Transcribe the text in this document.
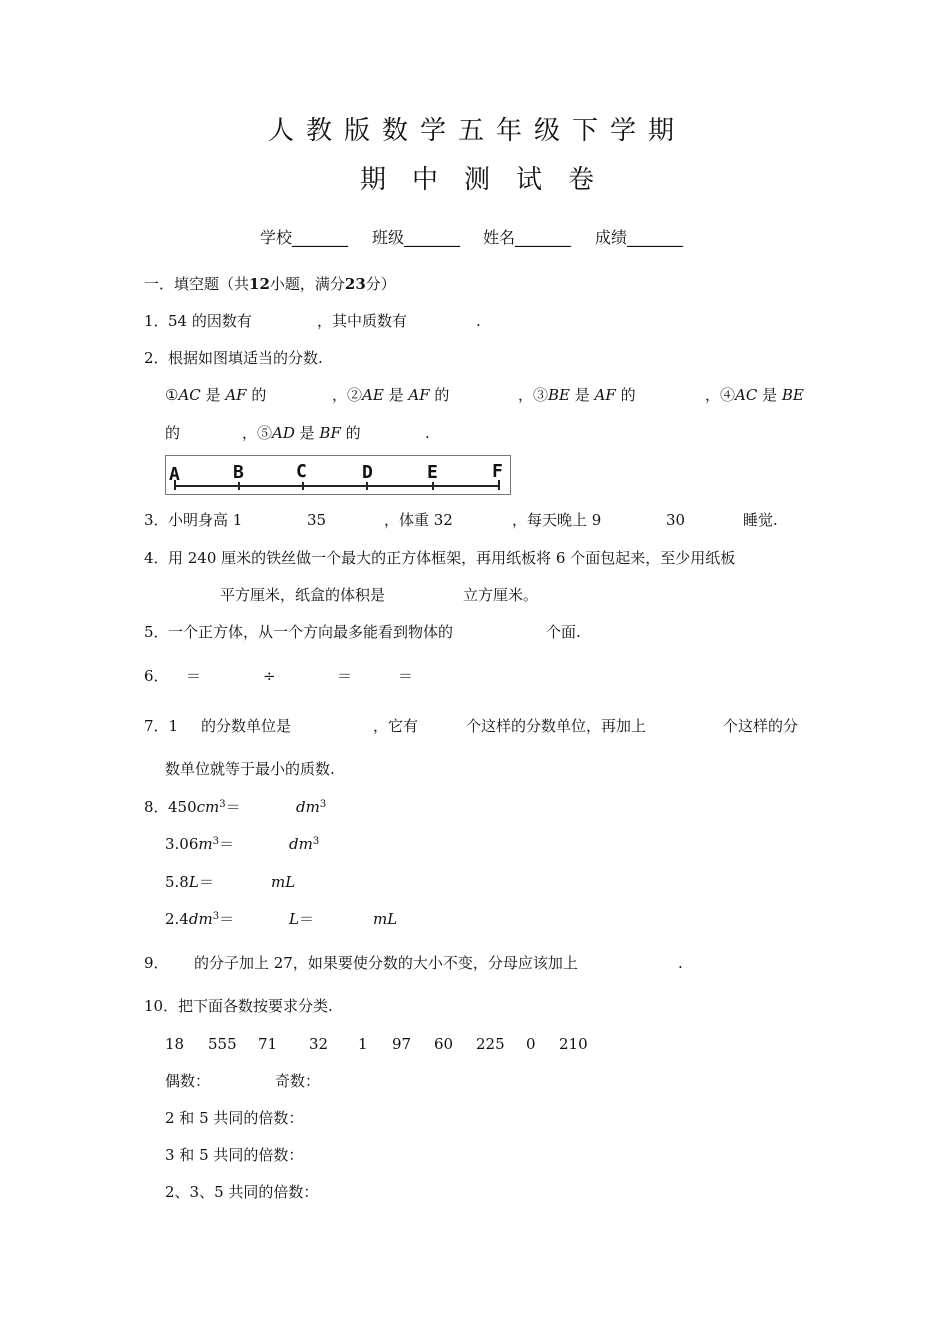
人教版数学五年级下学期
期中测试卷
学校_______ 班级_______ 姓名_______ 成绩_______
一．填空题（共12小题，满分23分）
1． 54 的因数有	，其中质数有	.
2． 根据如图填适当的分数.
①AC 是 AF 的	，②AE 是 AF 的	，③BE 是 AF 的	，④AC 是 BE
的	，⑤AD 是 BF 的	.
A	B	C	D	E	F
3． 小明身高 1	35	，体重 32	，每天晚上 9	30	睡觉.
4． 用 240 厘米的铁丝做一个最大的正方体框架，再用纸板将 6 个面包起来，至少用纸板
平方厘米，纸盒的体积是	立方厘米。
5． 一个正方体，从一个方向最多能看到物体的	个面.
6． ＝	÷	＝	＝
7．1 的分数单位是	，它有	个这样的分数单位，再加上	个这样的分
数单位就等于最小的质数.
8． $450cm^3=$	$dm^3$
$3.06m^3=$	$dm^3$
5.8L＝	mL
$2.4dm^3=$	L＝	mL
9． 的分子加上 27，如果要使分数的大小不变，分母应该加上	.
10． 把下面各数按要求分类.
18 555 71 32 1 97 60 225 0 210
偶数：	奇数：
2 和 5 共同的倍数：
3 和 5 共同的倍数：
2、3、5 共同的倍数：
